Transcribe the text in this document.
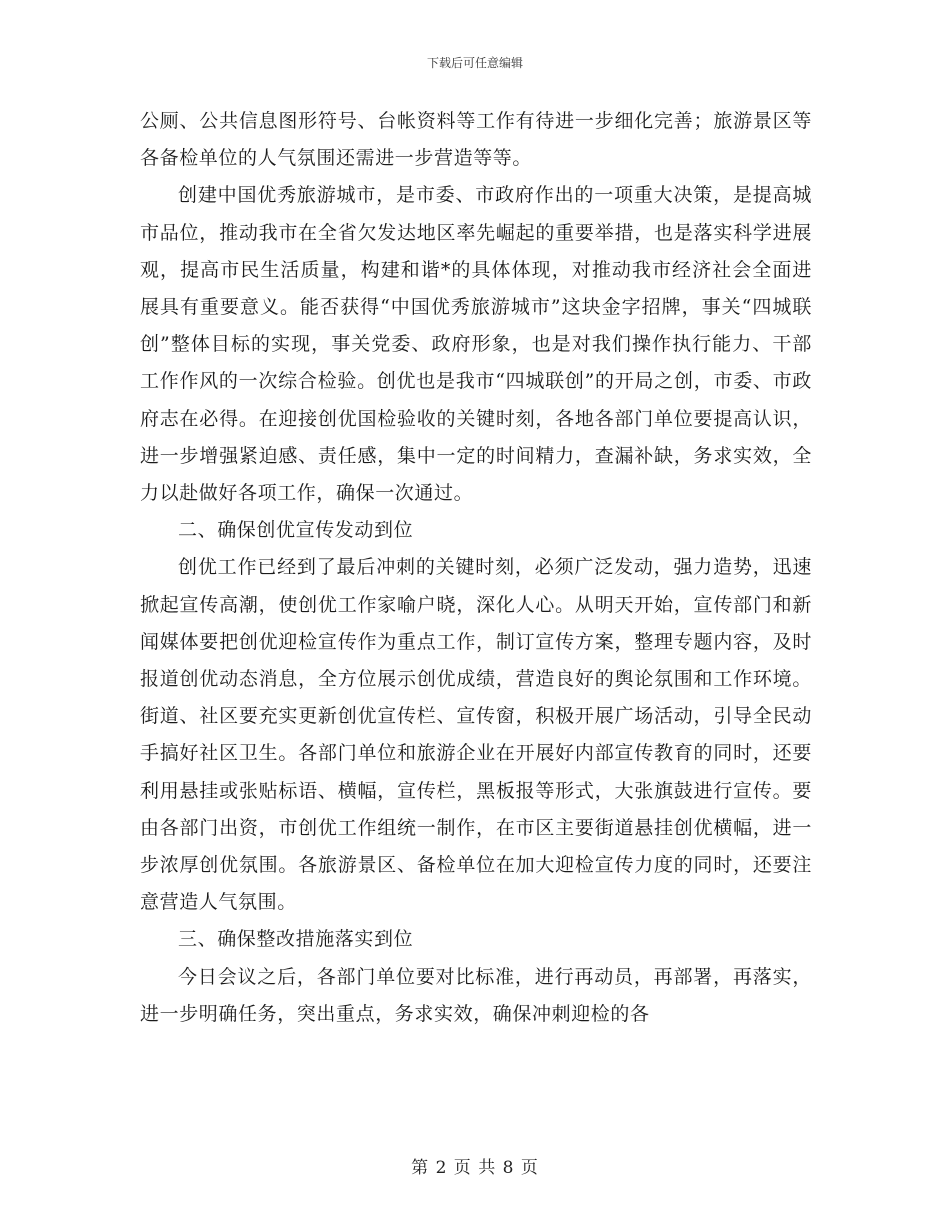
下载后可任意编辑

公厕、公共信息图形符号、台帐资料等工作有待进一步细化完善；旅游景区等各备检单位的人气氛围还需进一步营造等等。

创建中国优秀旅游城市，是市委、市政府作出的一项重大决策，是提高城市品位，推动我市在全省欠发达地区率先崛起的重要举措，也是落实科学进展观，提高市民生活质量，构建和谐*的具体体现，对推动我市经济社会全面进展具有重要意义。能否获得“中国优秀旅游城市”这块金字招牌，事关“四城联创”整体目标的实现，事关党委、政府形象，也是对我们操作执行能力、干部工作作风的一次综合检验。创优也是我市“四城联创”的开局之创，市委、市政府志在必得。在迎接创优国检验收的关键时刻，各地各部门单位要提高认识，进一步增强紧迫感、责任感，集中一定的时间精力，查漏补缺，务求实效，全力以赴做好各项工作，确保一次通过。

二、确保创优宣传发动到位

创优工作已经到了最后冲刺的关键时刻，必须广泛发动，强力造势，迅速掀起宣传高潮，使创优工作家喻户晓，深化人心。从明天开始，宣传部门和新闻媒体要把创优迎检宣传作为重点工作，制订宣传方案，整理专题内容，及时报道创优动态消息，全方位展示创优成绩，营造良好的舆论氛围和工作环境。街道、社区要充实更新创优宣传栏、宣传窗，积极开展广场活动，引导全民动手搞好社区卫生。各部门单位和旅游企业在开展好内部宣传教育的同时，还要利用悬挂或张贴标语、横幅，宣传栏，黑板报等形式，大张旗鼓进行宣传。要由各部门出资，市创优工作组统一制作，在市区主要街道悬挂创优横幅，进一步浓厚创优氛围。各旅游景区、备检单位在加大迎检宣传力度的同时，还要注意营造人气氛围。

三、确保整改措施落实到位

今日会议之后，各部门单位要对比标准，进行再动员，再部署，再落实，进一步明确任务，突出重点，务求实效，确保冲刺迎检的各

第 2 页 共 8 页
